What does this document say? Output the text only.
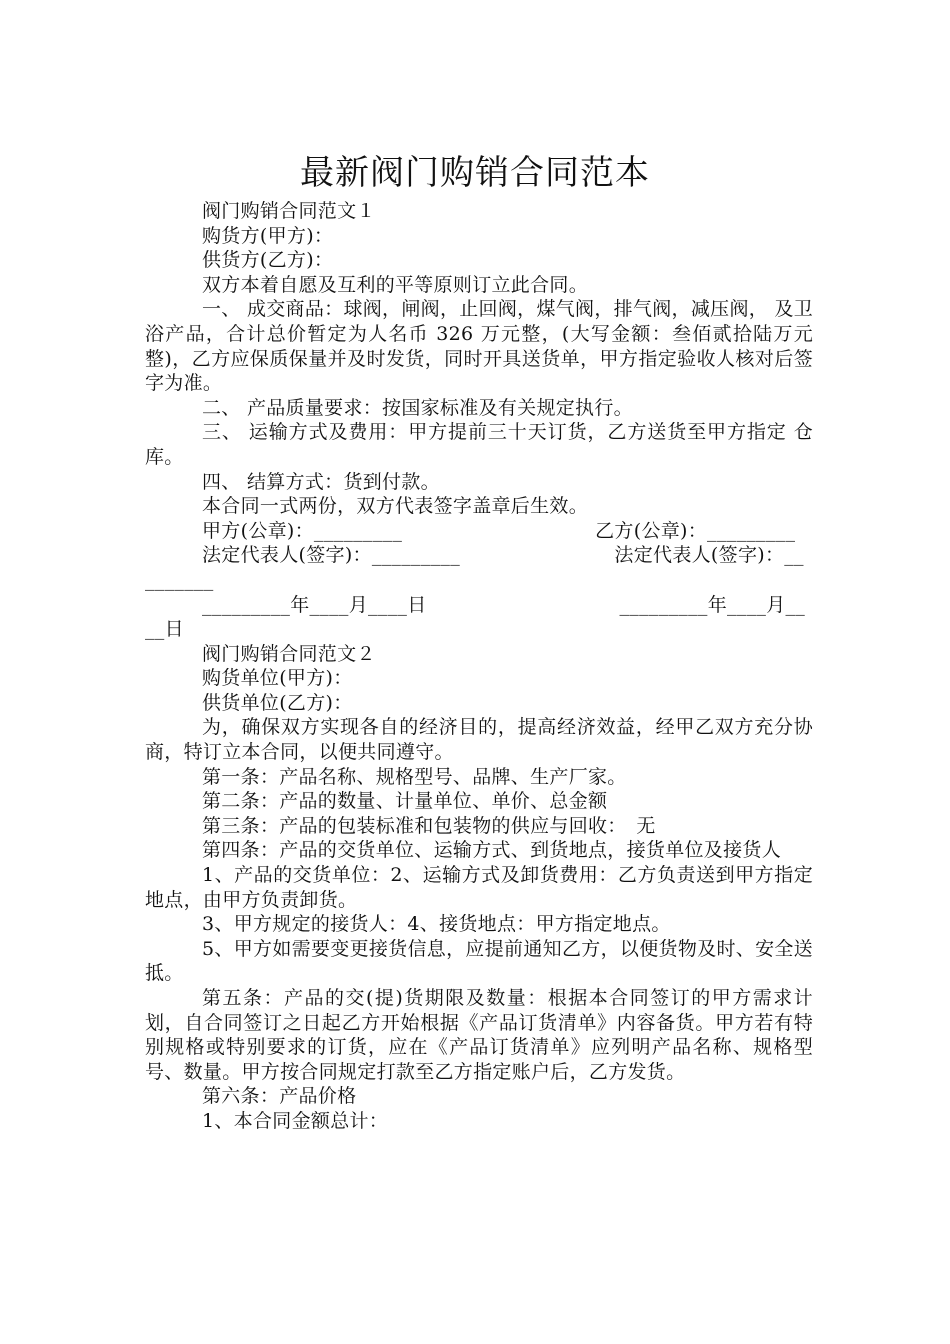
最新阀门购销合同范本

阀门购销合同范文１

购货方(甲方)：

供货方(乙方)：

双方本着自愿及互利的平等原则订立此合同。

一、 成交商品：球阀，闸阀，止回阀，煤气阀，排气阀，减压阀， 及卫浴产品，合计总价暂定为人名币 326 万元整，(大写金额：叁佰贰拾陆万元整)，乙方应保质保量并及时发货，同时开具送货单，甲方指定验收人核对后签字为准。

二、 产品质量要求：按国家标准及有关规定执行。

三、 运输方式及费用：甲方提前三十天订货，乙方送货至甲方指定 仓库。

四、 结算方式：货到付款。

本合同一式两份，双方代表签字盖章后生效。

甲方(公章)：_________　　　　　　　　　　乙方(公章)：_________

法定代表人(签字)：_________　　　　　　　　法定代表人(签字)：_________

_________年____月____日　　　　　　　　　　_________年____月____日

阀门购销合同范文２

购货单位(甲方)：

供货单位(乙方)：

为，确保双方实现各自的经济目的，提高经济效益，经甲乙双方充分协商，特订立本合同，以便共同遵守。

第一条：产品名称、规格型号、品牌、生产厂家。

第二条：产品的数量、计量单位、单价、总金额

第三条：产品的包装标准和包装物的供应与回收：　无

第四条：产品的交货单位、运输方式、到货地点，接货单位及接货人

1、产品的交货单位：2、运输方式及卸货费用：乙方负责送到甲方指定地点，由甲方负责卸货。

3、甲方规定的接货人：4、接货地点：甲方指定地点。

5、甲方如需要变更接货信息，应提前通知乙方，以便货物及时、安全送抵。

第五条：产品的交(提)货期限及数量：根据本合同签订的甲方需求计划，自合同签订之日起乙方开始根据《产品订货清单》内容备货。甲方若有特别规格或特别要求的订货，应在《产品订货清单》应列明产品名称、规格型号、数量。甲方按合同规定打款至乙方指定账户后，乙方发货。

第六条：产品价格

1、本合同金额总计：
